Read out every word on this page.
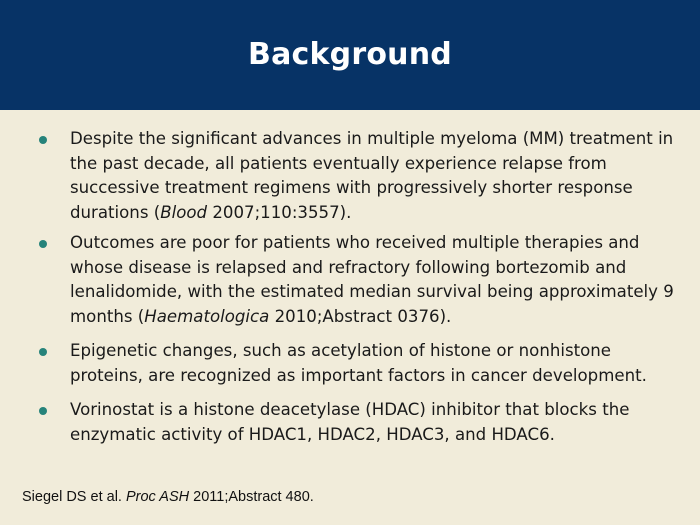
Background
Despite the significant advances in multiple myeloma (MM) treatment in the past decade, all patients eventually experience relapse from successive treatment regimens with progressively shorter response durations (Blood 2007;110:3557).
Outcomes are poor for patients who received multiple therapies and whose disease is relapsed and refractory following bortezomib and lenalidomide, with the estimated median survival being approximately 9 months (Haematologica 2010;Abstract 0376).
Epigenetic changes, such as acetylation of histone or nonhistone proteins, are recognized as important factors in cancer development.
Vorinostat is a histone deacetylase (HDAC) inhibitor that blocks the enzymatic activity of HDAC1, HDAC2, HDAC3, and HDAC6.
Siegel DS et al. Proc ASH 2011;Abstract 480.
